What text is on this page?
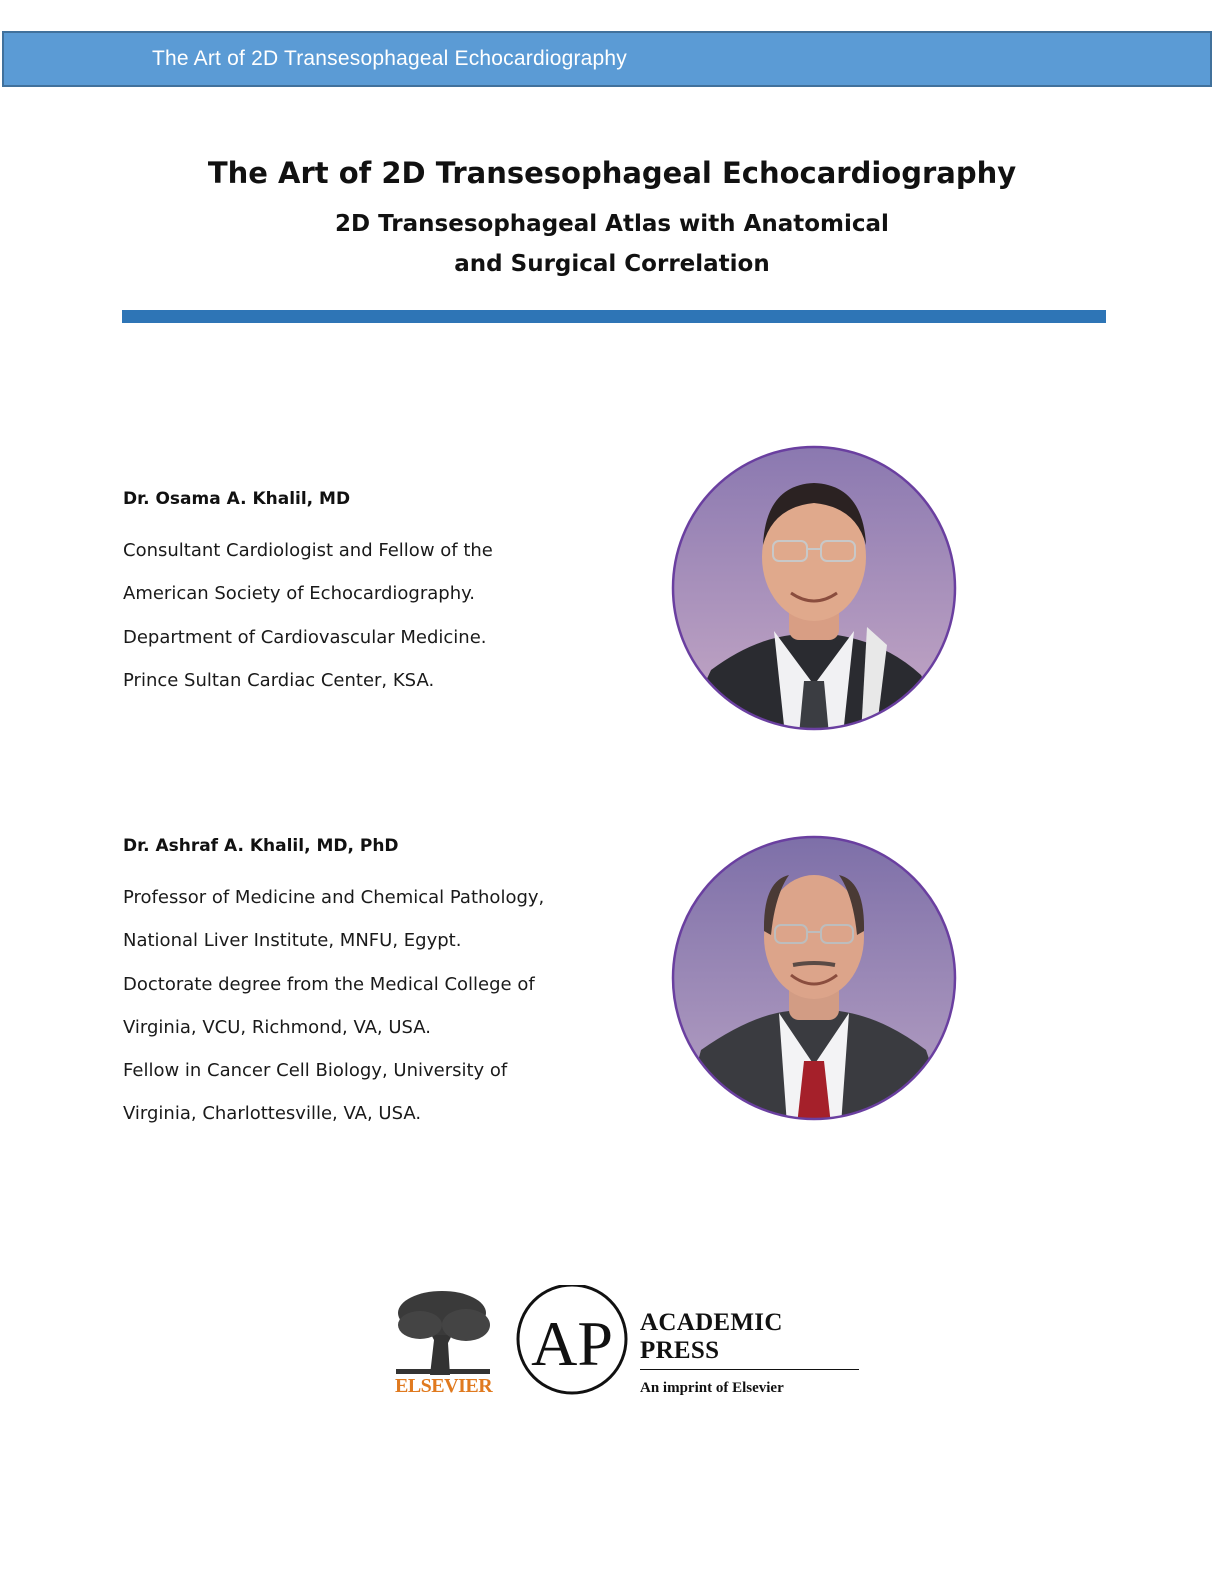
The Art of 2D Transesophageal Echocardiography
The Art of 2D Transesophageal Echocardiography
2D Transesophageal Atlas with Anatomical
and Surgical Correlation
Dr. Osama A. Khalil, MD
Consultant Cardiologist and Fellow of the
American Society of Echocardiography.
Department of Cardiovascular Medicine.
Prince Sultan Cardiac Center, KSA.
Dr. Ashraf A. Khalil, MD, PhD
Professor of Medicine and Chemical Pathology,
National Liver Institute, MNFU, Egypt.
Doctorate degree from the Medical College of
Virginia, VCU, Richmond, VA, USA.
Fellow in Cancer Cell Biology, University of
Virginia, Charlottesville, VA, USA.
AP
ELSEVIER
ACADEMIC PRESS
An imprint of Elsevier
